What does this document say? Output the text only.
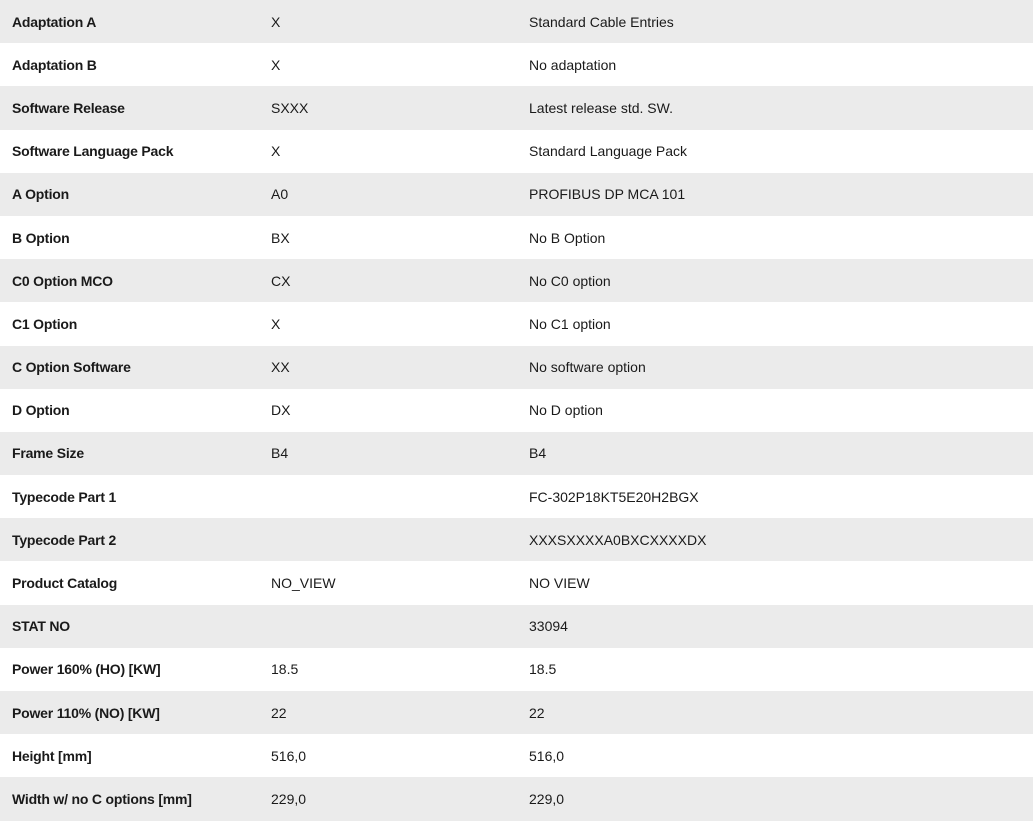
Adaptation A	X	Standard Cable Entries
Adaptation B	X	No adaptation
Software Release	SXXX	Latest release std. SW.
Software Language Pack	X	Standard Language Pack
A Option	A0	PROFIBUS DP MCA 101
B Option	BX	No B Option
C0 Option MCO	CX	No C0 option
C1 Option	X	No C1 option
C Option Software	XX	No software option
D Option	DX	No D option
Frame Size	B4	B4
Typecode Part 1		FC-302P18KT5E20H2BGX
Typecode Part 2		XXXSXXXXA0BXCXXXXDX
Product Catalog	NO_VIEW	NO VIEW
STAT NO		33094
Power 160% (HO) [KW]	18.5	18.5
Power 110% (NO) [KW]	22	22
Height [mm]	516,0	516,0
Width w/ no C options [mm]	229,0	229,0
